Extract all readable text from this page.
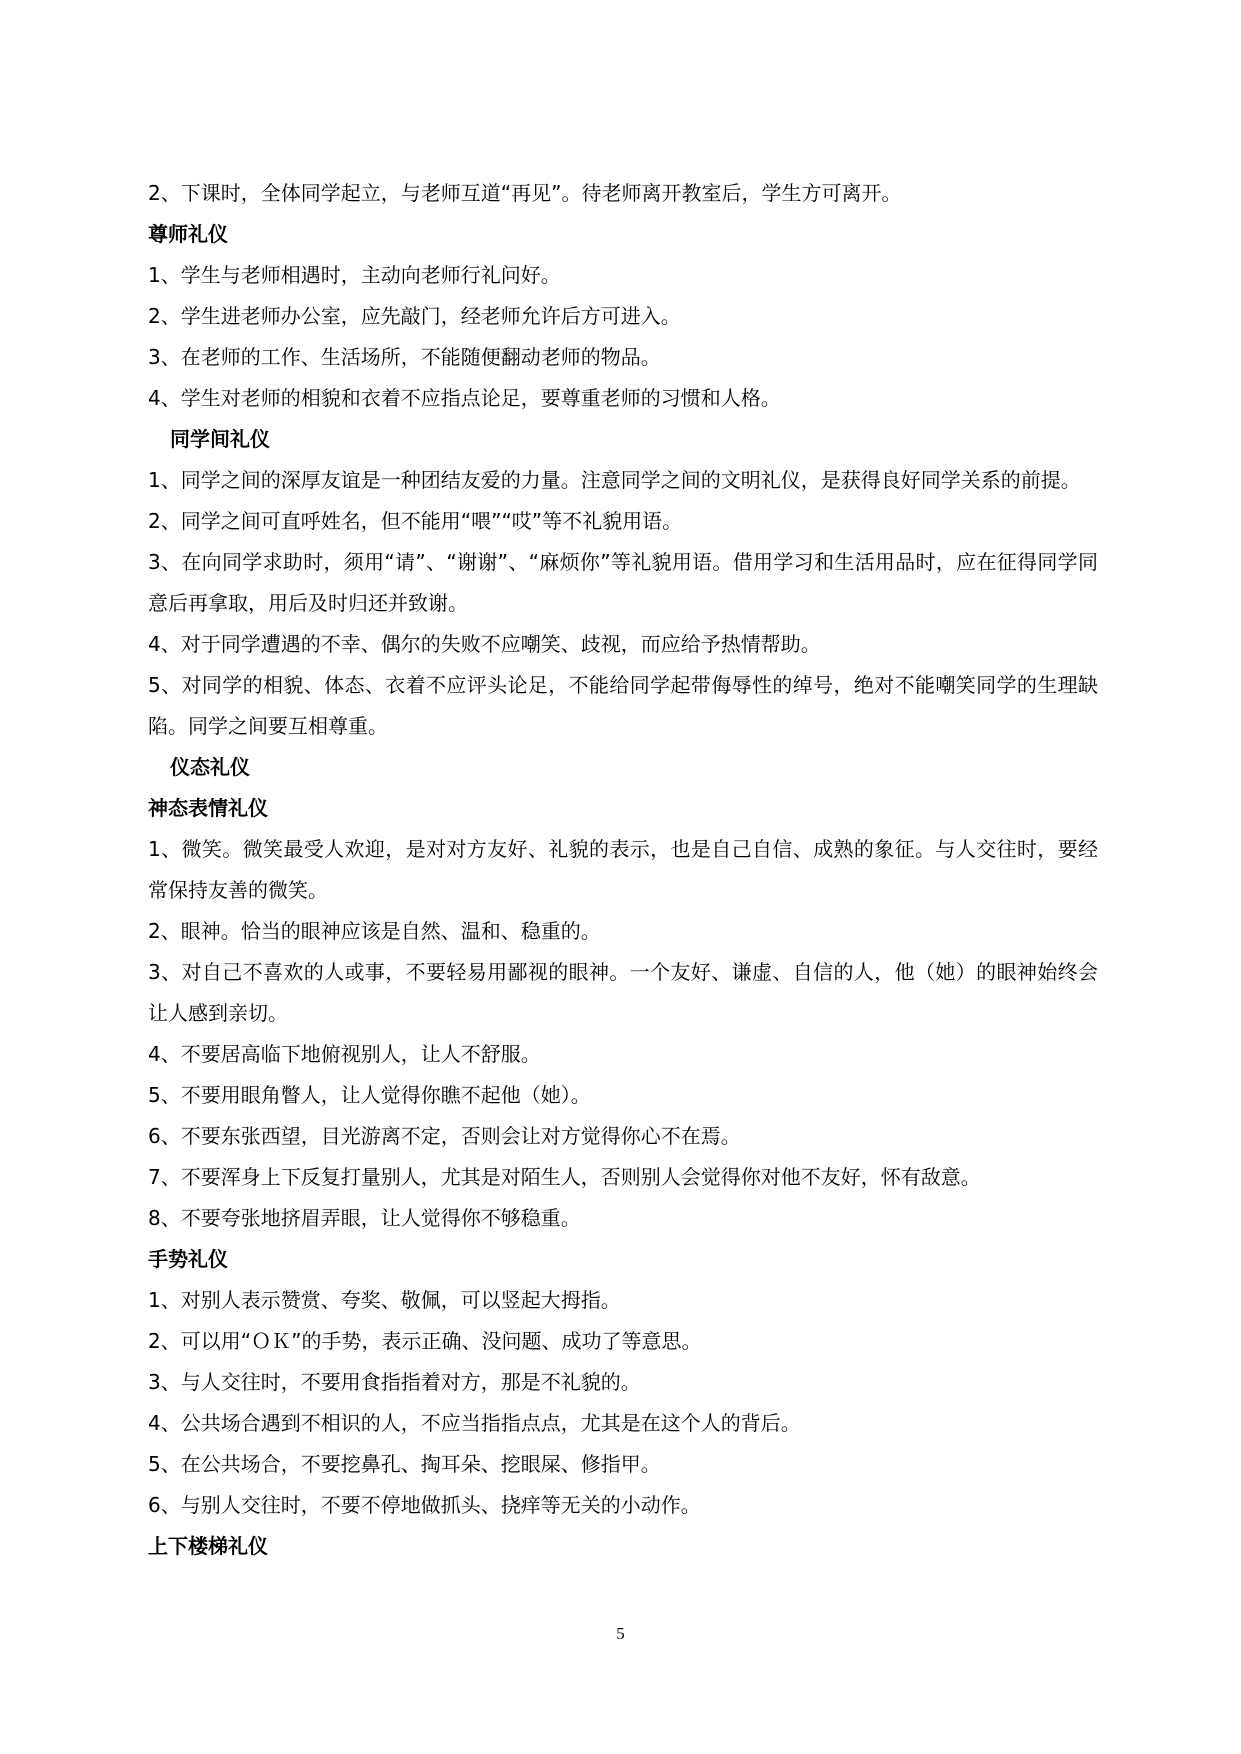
2、下课时，全体同学起立，与老师互道“再见”。待老师离开教室后，学生方可离开。
尊师礼仪
1、学生与老师相遇时，主动向老师行礼问好。
2、学生进老师办公室，应先敲门，经老师允许后方可进入。
3、在老师的工作、生活场所，不能随便翻动老师的物品。
4、学生对老师的相貌和衣着不应指点论足，要尊重老师的习惯和人格。
同学间礼仪
1、同学之间的深厚友谊是一种团结友爱的力量。注意同学之间的文明礼仪，是获得良好同学关系的前提。
2、同学之间可直呼姓名，但不能用“喂”“哎”等不礼貌用语。
3、在向同学求助时，须用“请”、“谢谢”、“麻烦你”等礼貌用语。借用学习和生活用品时，应在征得同学同意后再拿取，用后及时归还并致谢。
4、对于同学遭遇的不幸、偶尔的失败不应嘲笑、歧视，而应给予热情帮助。
5、对同学的相貌、体态、衣着不应评头论足，不能给同学起带侮辱性的绰号，绝对不能嘲笑同学的生理缺陷。同学之间要互相尊重。
仪态礼仪
神态表情礼仪
1、微笑。微笑最受人欢迎，是对对方友好、礼貌的表示，也是自己自信、成熟的象征。与人交往时，要经常保持友善的微笑。
2、眼神。恰当的眼神应该是自然、温和、稳重的。
3、对自己不喜欢的人或事，不要轻易用鄙视的眼神。一个友好、谦虚、自信的人，他（她）的眼神始终会让人感到亲切。
4、不要居高临下地俯视别人，让人不舒服。
5、不要用眼角瞥人，让人觉得你瞧不起他（她）。
6、不要东张西望，目光游离不定，否则会让对方觉得你心不在焉。
7、不要浑身上下反复打量别人，尤其是对陌生人，否则别人会觉得你对他不友好，怀有敌意。
8、不要夸张地挤眉弄眼，让人觉得你不够稳重。
手势礼仪
1、对别人表示赞赏、夸奖、敬佩，可以竖起大拇指。
2、可以用“ＯＫ”的手势，表示正确、没问题、成功了等意思。
3、与人交往时，不要用食指指着对方，那是不礼貌的。
4、公共场合遇到不相识的人，不应当指指点点，尤其是在这个人的背后。
5、在公共场合，不要挖鼻孔、掏耳朵、挖眼屎、修指甲。
6、与别人交往时，不要不停地做抓头、挠痒等无关的小动作。
上下楼梯礼仪
5
